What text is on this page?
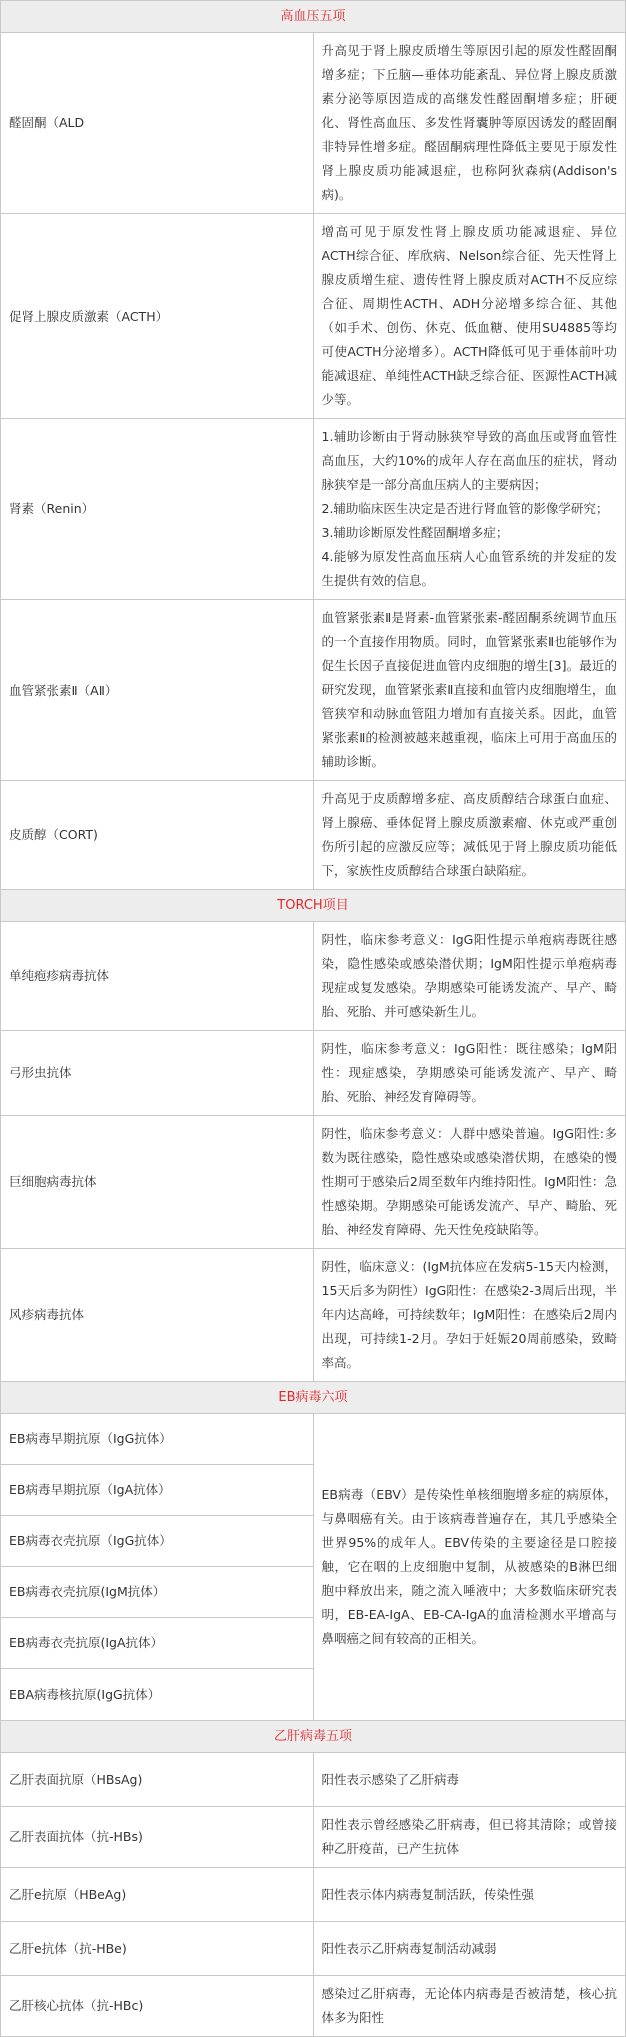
高血压五项	
醛固酮（ALD	升高见于肾上腺皮质增生等原因引起的原发性醛固酮增多症；下丘脑—垂体功能紊乱、异位肾上腺皮质激素分泌等原因造成的高继发性醛固酮增多症；肝硬化、肾性高血压、多发性肾囊肿等原因诱发的醛固酮非特异性增多症。醛固酮病理性降低主要见于原发性肾上腺皮质功能减退症，也称阿狄森病(Addison's病)。
促肾上腺皮质激素（ACTH）	增高可见于原发性肾上腺皮质功能减退症、异位ACTH综合征、库欣病、Nelson综合征、先天性肾上腺皮质增生症、遗传性肾上腺皮质对ACTH不反应综合征、周期性ACTH、ADH分泌增多综合征、其他（如手术、创伤、休克、低血糖、使用SU4885等均可使ACTH分泌增多）。ACTH降低可见于垂体前叶功能减退症、单纯性ACTH缺乏综合征、医源性ACTH减少等。
肾素（Renin）	1.辅助诊断由于肾动脉狭窄导致的高血压或肾血管性高血压，大约10%的成年人存在高血压的症状，肾动脉狭窄是一部分高血压病人的主要病因；
2.辅助临床医生决定是否进行肾血管的影像学研究；
3.辅助诊断原发性醛固酮增多症；
4.能够为原发性高血压病人心血管系统的并发症的发生提供有效的信息。

血管紧张素Ⅱ（AⅡ）	血管紧张素Ⅱ是肾素-血管紧张素-醛固酮系统调节血压的一个直接作用物质。同时，血管紧张素Ⅱ也能够作为促生长因子直接促进血管内皮细胞的增生[3]。最近的研究发现，血管紧张素Ⅱ直接和血管内皮细胞增生，血管狭窄和动脉血管阻力增加有直接关系。因此，血管紧张素Ⅱ的检测被越来越重视，临床上可用于高血压的辅助诊断。
皮质醇（CORT)	升高见于皮质醇增多症、高皮质醇结合球蛋白血症、肾上腺癌、垂体促肾上腺皮质激素瘤、休克或严重创伤所引起的应激反应等；减低见于肾上腺皮质功能低下，家族性皮质醇结合球蛋白缺陷症。
TORCH项目	
单纯疱疹病毒抗体	阴性，临床参考意义：IgG阳性提示单疱病毒既往感染，隐性感染或感染潜伏期；IgM阳性提示单疱病毒现症或复发感染。孕期感染可能诱发流产、早产、畸胎、死胎、并可感染新生儿。
弓形虫抗体	阴性，临床参考意义：IgG阳性：既往感染；IgM阳性：现症感染，孕期感染可能诱发流产、早产、畸胎、死胎、神经发育障碍等。
巨细胞病毒抗体	阴性，临床参考意义：人群中感染普遍。IgG阳性:多数为既往感染，隐性感染或感染潜伏期，在感染的慢性期可于感染后2周至数年内维持阳性。IgM阳性：急性感染期。孕期感染可能诱发流产、早产、畸胎、死胎、神经发育障碍、先天性免疫缺陷等。
风疹病毒抗体	阴性，临床意义：(IgM抗体应在发病5-15天内检测，15天后多为阴性）IgG阳性：在感染2-3周后出现，半年内达高峰，可持续数年；IgM阳性：在感染后2周内出现，可持续1-2月。孕妇于妊娠20周前感染，致畸率高。
EB病毒六项	
EB病毒早期抗原（IgG抗体）	EB病毒（EBV）是传染性单核细胞增多症的病原体，与鼻咽癌有关。由于该病毒普遍存在，其几乎感染全世界95%的成年人。EBV传染的主要途径是口腔接触，它在咽的上皮细胞中复制，从被感染的B淋巴细胞中释放出来，随之流入唾液中；大多数临床研究表明，EB-EA-IgA、EB-CA-IgA的血清检测水平增高与鼻咽癌之间有较高的正相关。
EB病毒早期抗原（IgA抗体）	
EB病毒衣壳抗原（IgG抗体）	
EB病毒衣壳抗原(IgM抗体）	
EB病毒衣壳抗原(IgA抗体）	
EBA病毒核抗原(IgG抗体）	
乙肝病毒五项	
乙肝表面抗原（HBsAg)	阳性表示感染了乙肝病毒
乙肝表面抗体（抗-HBs)	阳性表示曾经感染乙肝病毒，但已将其清除；或曾接种乙肝疫苗，已产生抗体
乙肝e抗原（HBeAg)	阳性表示体内病毒复制活跃，传染性强
乙肝e抗体（抗-HBe)	阳性表示乙肝病毒复制活动减弱
乙肝核心抗体（抗-HBc)	感染过乙肝病毒，无论体内病毒是否被清楚，核心抗体多为阳性
